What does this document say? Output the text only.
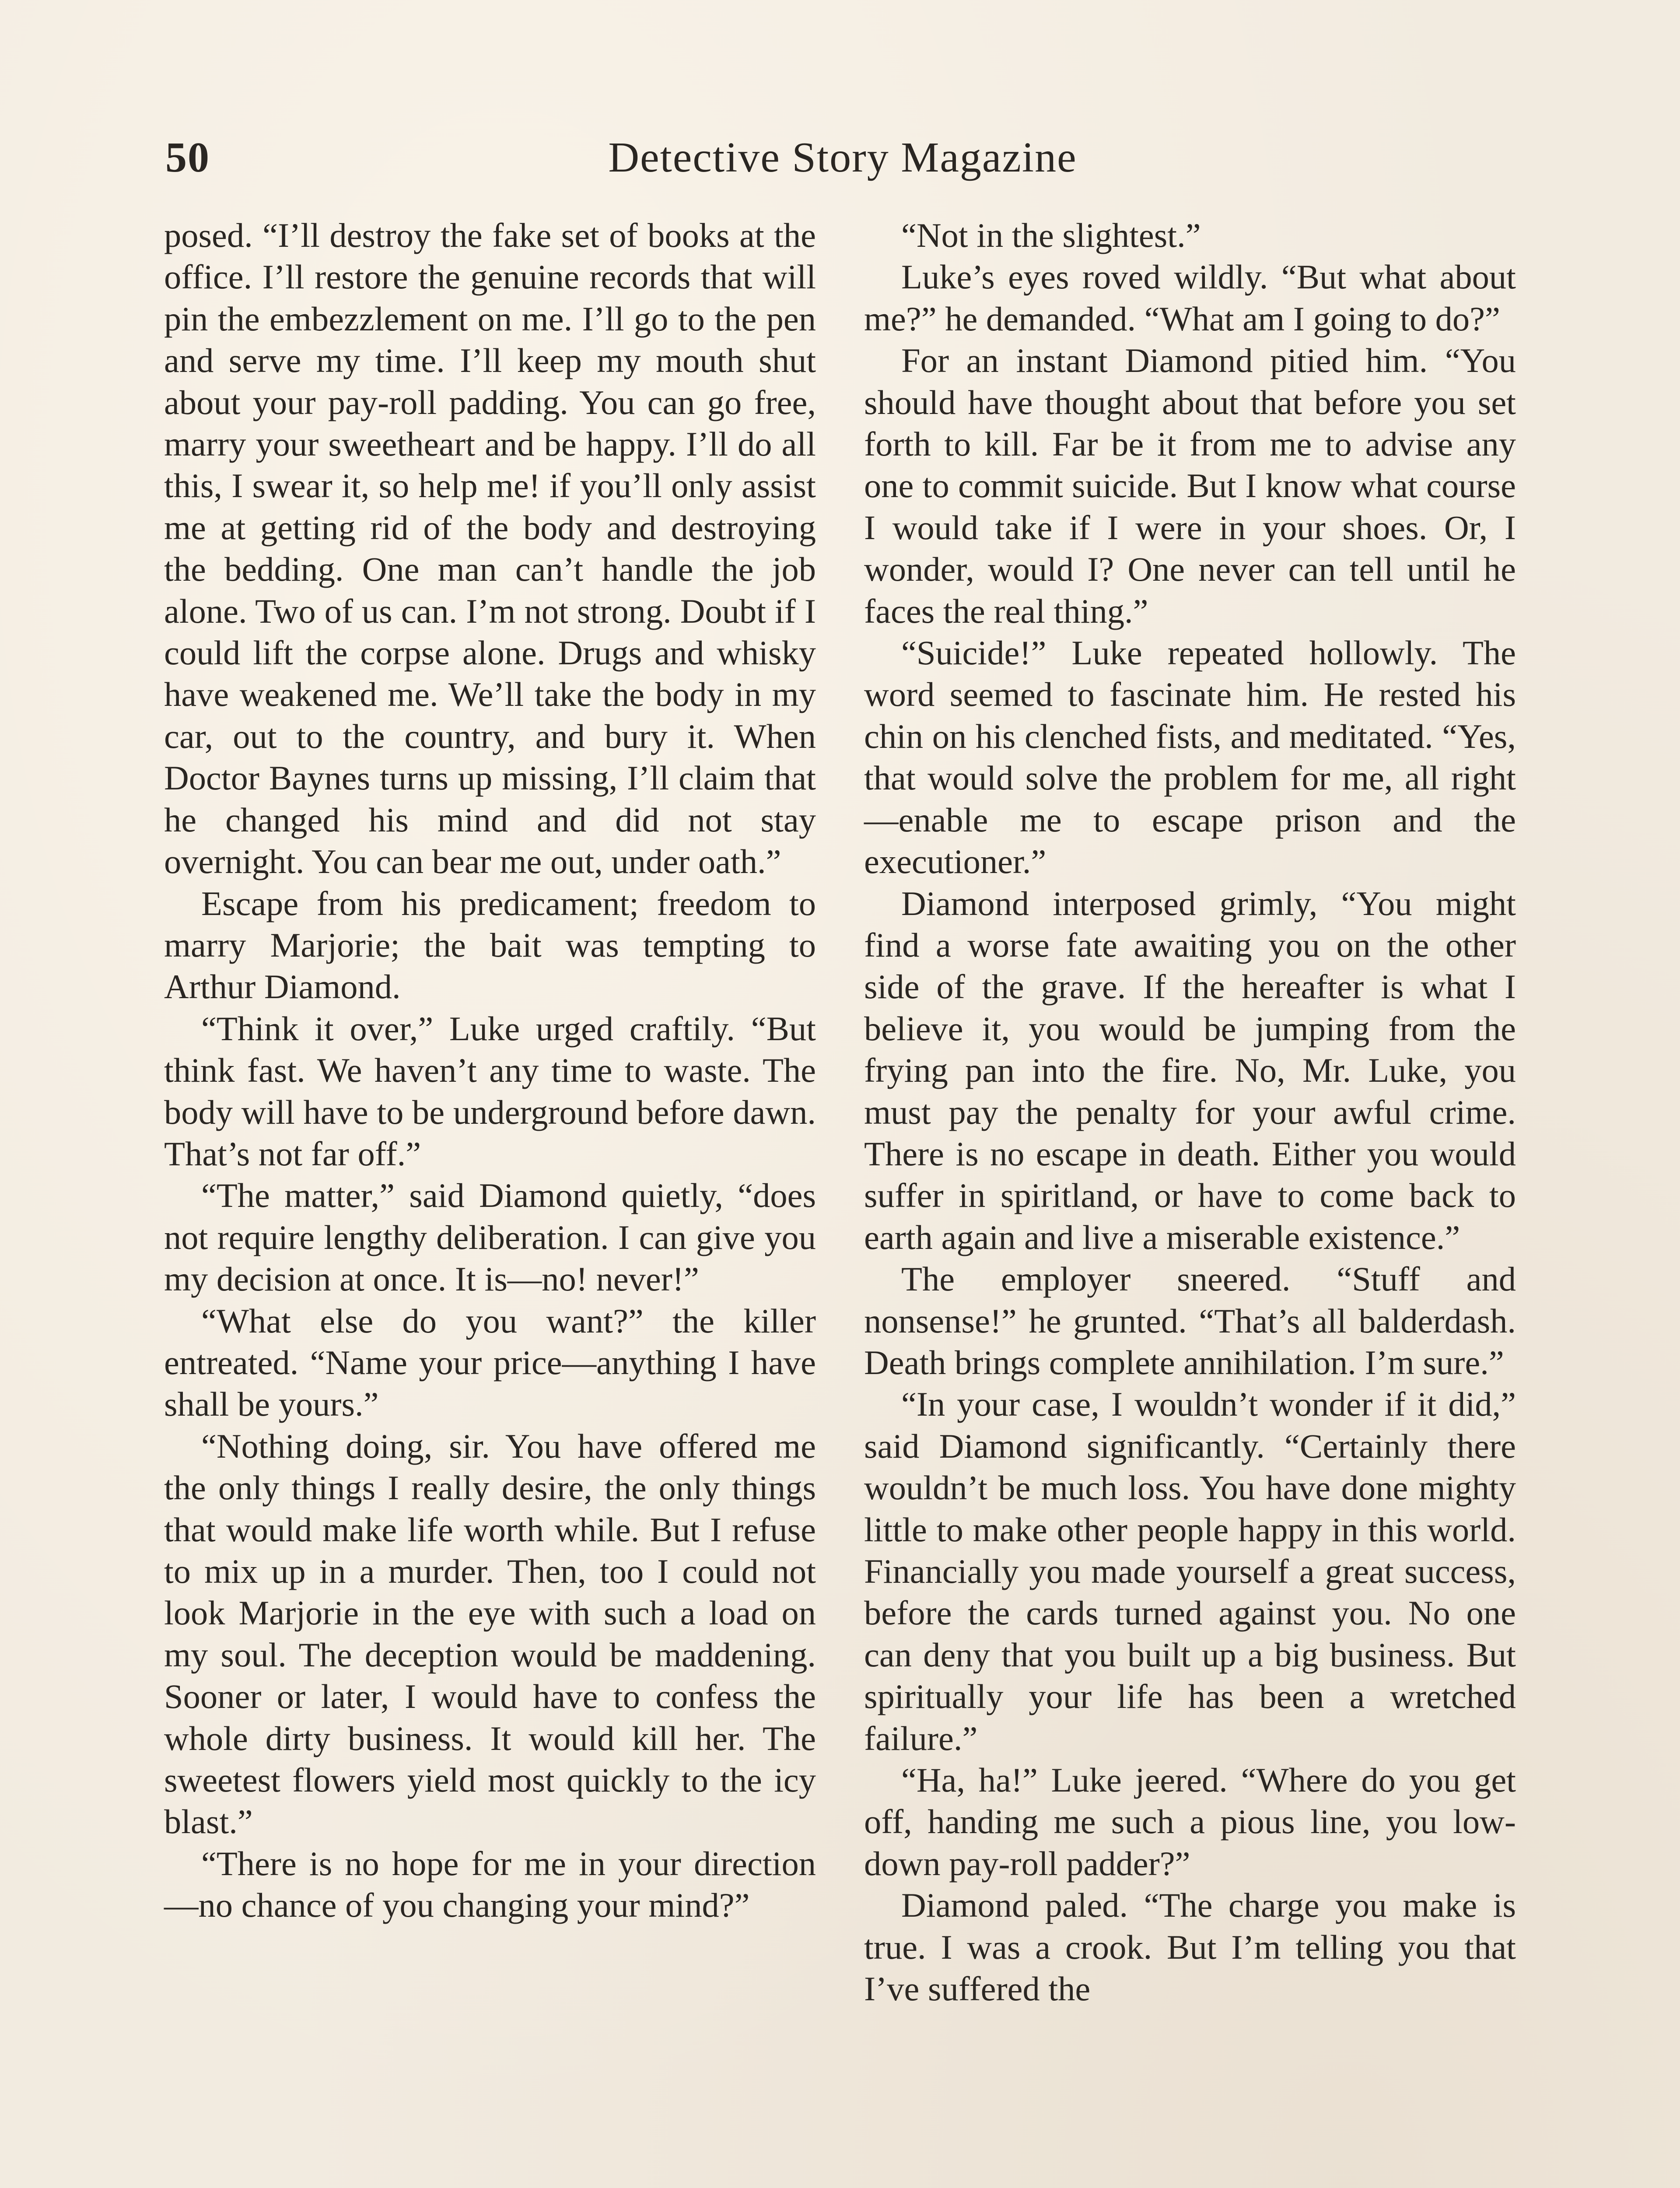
50	Detective Story Magazine

posed. “I’ll destroy the fake set of books at the office. I’ll restore the genuine records that will pin the embezzlement on me. I’ll go to the pen and serve my time. I’ll keep my mouth shut about your pay-roll padding. You can go free, marry your sweetheart and be happy. I’ll do all this, I swear it, so help me! if you’ll only assist me at getting rid of the body and destroying the bedding. One man can’t handle the job alone. Two of us can. I’m not strong. Doubt if I could lift the corpse alone. Drugs and whisky have weakened me. We’ll take the body in my car, out to the country, and bury it. When Doctor Baynes turns up missing, I’ll claim that he changed his mind and did not stay overnight. You can bear me out, under oath.”

Escape from his predicament; freedom to marry Marjorie; the bait was tempting to Arthur Diamond.

“Think it over,” Luke urged craftily. “But think fast. We haven’t any time to waste. The body will have to be underground before dawn. That’s not far off.”

“The matter,” said Diamond quietly, “does not require lengthy deliberation. I can give you my decision at once. It is—no! never!”

“What else do you want?” the killer entreated. “Name your price—anything I have shall be yours.”

“Nothing doing, sir. You have offered me the only things I really desire, the only things that would make life worth while. But I refuse to mix up in a murder. Then, too I could not look Marjorie in the eye with such a load on my soul. The deception would be maddening. Sooner or later, I would have to confess the whole dirty business. It would kill her. The sweetest flowers yield most quickly to the icy blast.”

“There is no hope for me in your direction—no chance of you changing your mind?”

“Not in the slightest.”

Luke’s eyes roved wildly. “But what about me?” he demanded. “What am I going to do?”

For an instant Diamond pitied him. “You should have thought about that before you set forth to kill. Far be it from me to advise any one to commit suicide. But I know what course I would take if I were in your shoes. Or, I wonder, would I? One never can tell until he faces the real thing.”

“Suicide!” Luke repeated hollowly. The word seemed to fascinate him. He rested his chin on his clenched fists, and meditated. “Yes, that would solve the problem for me, all right—enable me to escape prison and the executioner.”

Diamond interposed grimly, “You might find a worse fate awaiting you on the other side of the grave. If the hereafter is what I believe it, you would be jumping from the frying pan into the fire. No, Mr. Luke, you must pay the penalty for your awful crime. There is no escape in death. Either you would suffer in spiritland, or have to come back to earth again and live a miserable existence.”

The employer sneered. “Stuff and nonsense!” he grunted. “That’s all balderdash. Death brings complete annihilation. I’m sure.”

“In your case, I wouldn’t wonder if it did,” said Diamond significantly. “Certainly there wouldn’t be much loss. You have done mighty little to make other people happy in this world. Financially you made yourself a great success, before the cards turned against you. No one can deny that you built up a big business. But spiritually your life has been a wretched failure.”

“Ha, ha!” Luke jeered. “Where do you get off, handing me such a pious line, you low-down pay-roll padder?”

Diamond paled. “The charge you make is true. I was a crook. But I’m telling you that I’ve suffered the
